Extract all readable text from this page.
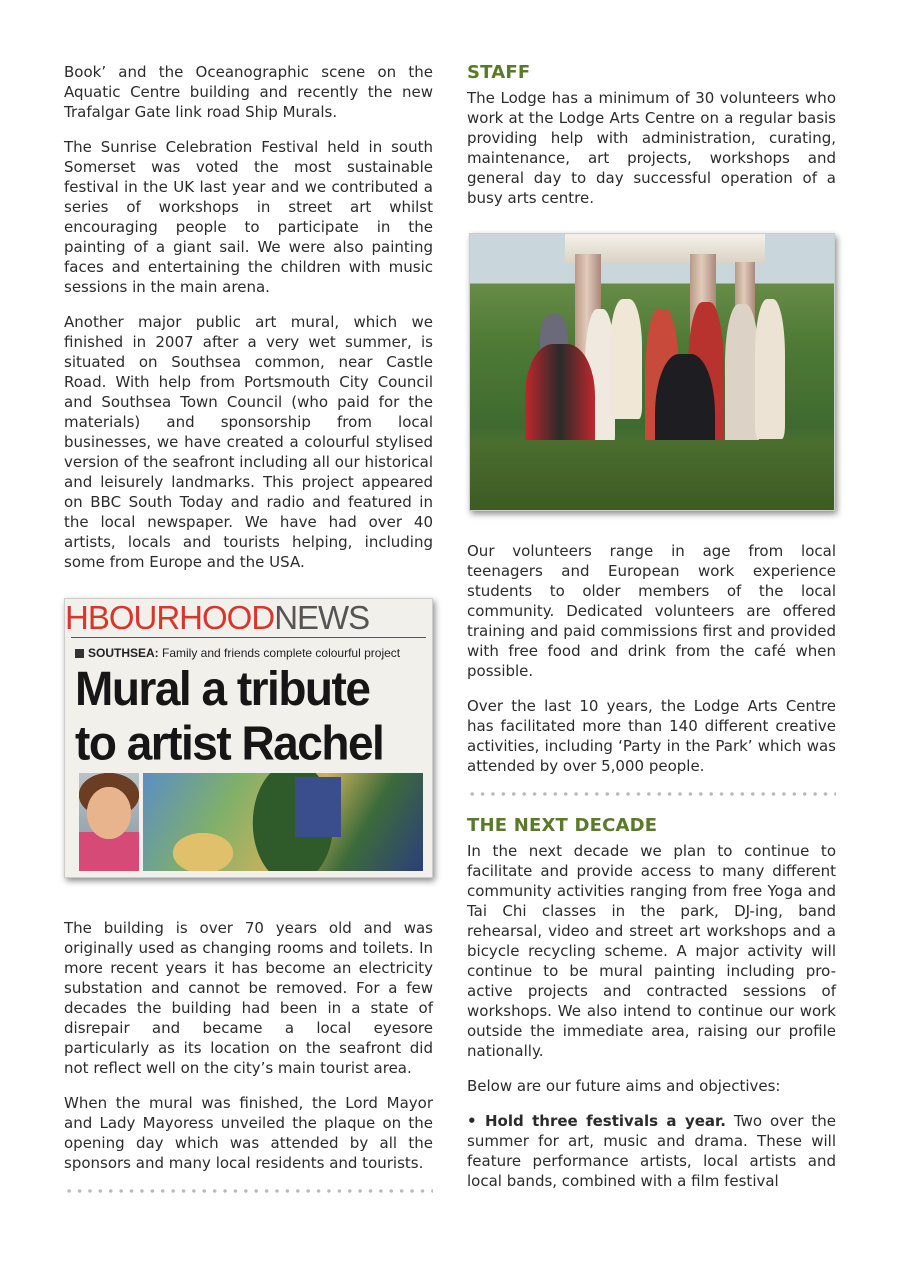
Book’ and the Oceanographic scene on the Aquatic Centre building and recently the new Trafalgar Gate link road Ship Murals.

The Sunrise Celebration Festival held in south Somerset was voted the most sustainable festival in the UK last year and we contributed a series of workshops in street art whilst encouraging people to participate in the painting of a giant sail. We were also painting faces and entertaining the children with music sessions in the main arena.

Another major public art mural, which we finished in 2007 after a very wet summer, is situated on Southsea common, near Castle Road. With help from Portsmouth City Council and Southsea Town Council (who paid for the materials) and sponsorship from local businesses, we have created a colourful stylised version of the seafront including all our historical and leisurely landmarks. This project appeared on BBC South Today and radio and featured in the local newspaper. We have had over 40 artists, locals and tourists helping, including some from Europe and the USA.

HBOURHOODNEWS
SOUTHSEA: Family and friends complete colourful project
Mural a tribute
to artist Rachel

The building is over 70 years old and was originally used as changing rooms and toilets. In more recent years it has become an electricity substation and cannot be removed. For a few decades the building had been in a state of disrepair and became a local eyesore particularly as its location on the seafront did not reflect well on the city’s main tourist area.

When the mural was finished, the Lord Mayor and Lady Mayoress unveiled the plaque on the opening day which was attended by all the sponsors and many local residents and tourists.

STAFF

The Lodge has a minimum of 30 volunteers who work at the Lodge Arts Centre on a regular basis providing help with administration, curating, maintenance, art projects, workshops and general day to day successful operation of a busy arts centre.

Our volunteers range in age from local teenagers and European work experience students to older members of the local community. Dedicated volunteers are offered training and paid commissions first and provided with free food and drink from the café when possible.

Over the last 10 years, the Lodge Arts Centre has facilitated more than 140 different creative activities, including ‘Party in the Park’ which was attended by over 5,000 people.

THE NEXT DECADE

In the next decade we plan to continue to facilitate and provide access to many different community activities ranging from free Yoga and Tai Chi classes in the park, DJ-ing, band rehearsal, video and street art workshops and a bicycle recycling scheme. A major activity will continue to be mural painting including pro-active projects and contracted sessions of workshops. We also intend to continue our work outside the immediate area, raising our profile nationally.

Below are our future aims and objectives:

• Hold three festivals a year. Two over the summer for art, music and drama. These will feature performance artists, local artists and local bands, combined with a film festival
